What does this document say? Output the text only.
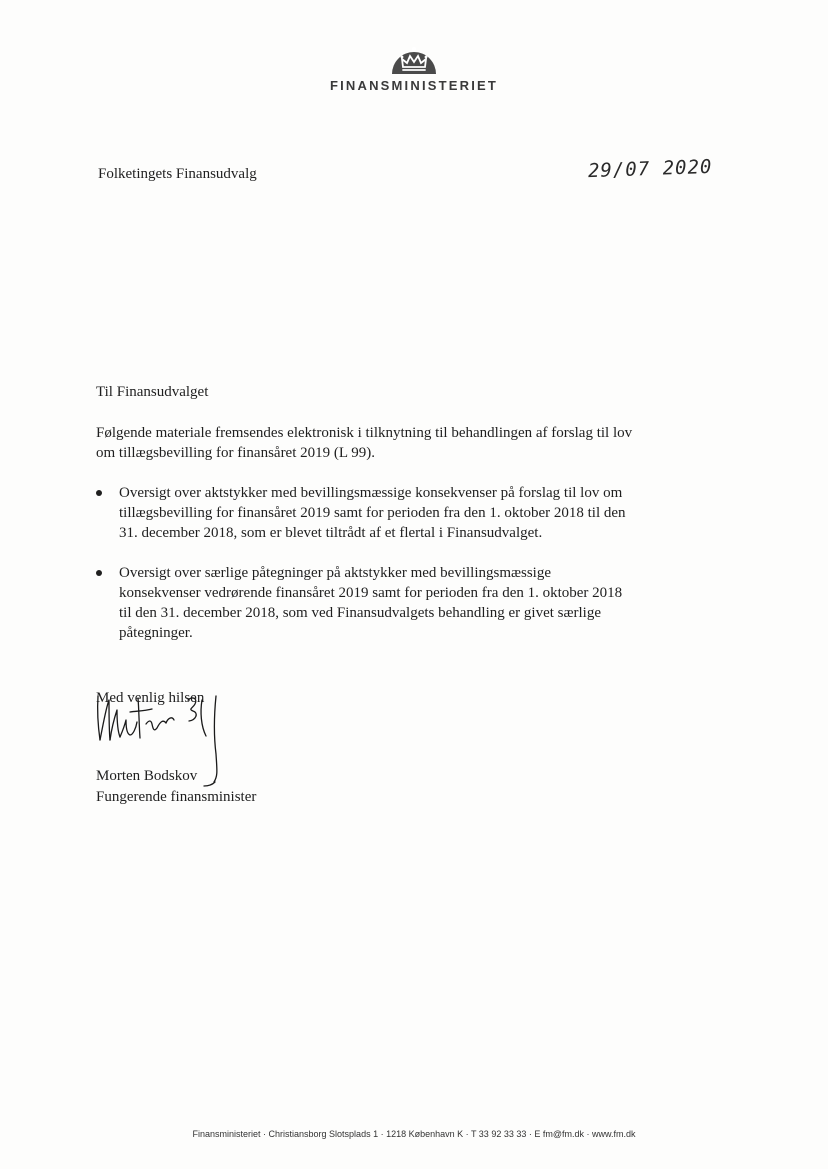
FINANSMINISTERIET
Folketingets Finansudvalg	29/07 2020
Til Finansudvalget

Følgende materiale fremsendes elektronisk i tilknytning til behandlingen af forslag til lov om tillægsbevilling for finansåret 2019 (L 99).

Oversigt over aktstykker med bevillingsmæssige konsekvenser på forslag til lov om tillægsbevilling for finansåret 2019 samt for perioden fra den 1. oktober 2018 til den 31. december 2018, som er blevet tiltrådt af et flertal i Finansudvalget.
Oversigt over særlige påtegninger på aktstykker med bevillingsmæssige konsekvenser vedrørende finansåret 2019 samt for perioden fra den 1. oktober 2018 til den 31. december 2018, som ved Finansudvalgets behandling er givet særlige påtegninger.
Med venlig hilsen
Morten Bodskov
Fungerende finansminister
Finansministeriet · Christiansborg Slotsplads 1 · 1218 København K · T 33 92 33 33 · E fm@fm.dk · www.fm.dk
